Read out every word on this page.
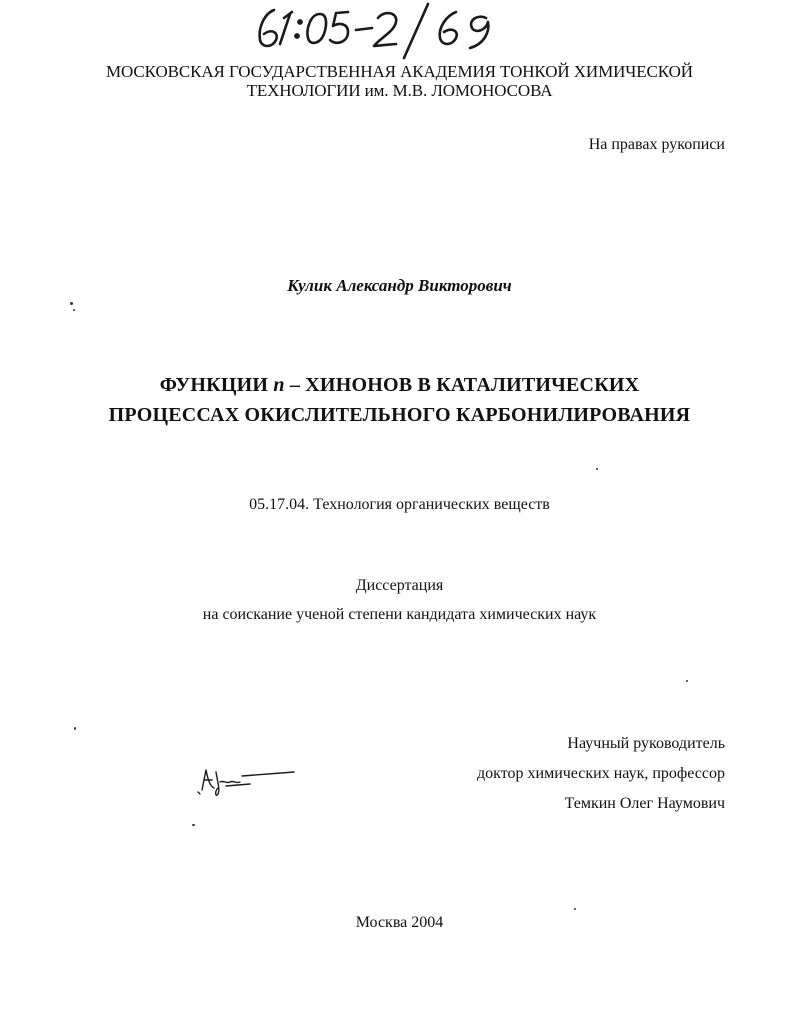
МОСКОВСКАЯ ГОСУДАРСТВЕННАЯ АКАДЕМИЯ ТОНКОЙ ХИМИЧЕСКОЙ
ТЕХНОЛОГИИ им. М.В. ЛОМОНОСОВА
На правах рукописи
Кулик Александр Викторович
ФУНКЦИИ п – ХИНОНОВ В КАТАЛИТИЧЕСКИХ
ПРОЦЕССАХ ОКИСЛИТЕЛЬНОГО КАРБОНИЛИРОВАНИЯ
05.17.04. Технология органических веществ
Диссертация
на соискание ученой степени кандидата химических наук
Научный руководитель
доктор химических наук, профессор
Темкин Олег Наумович
Москва 2004
